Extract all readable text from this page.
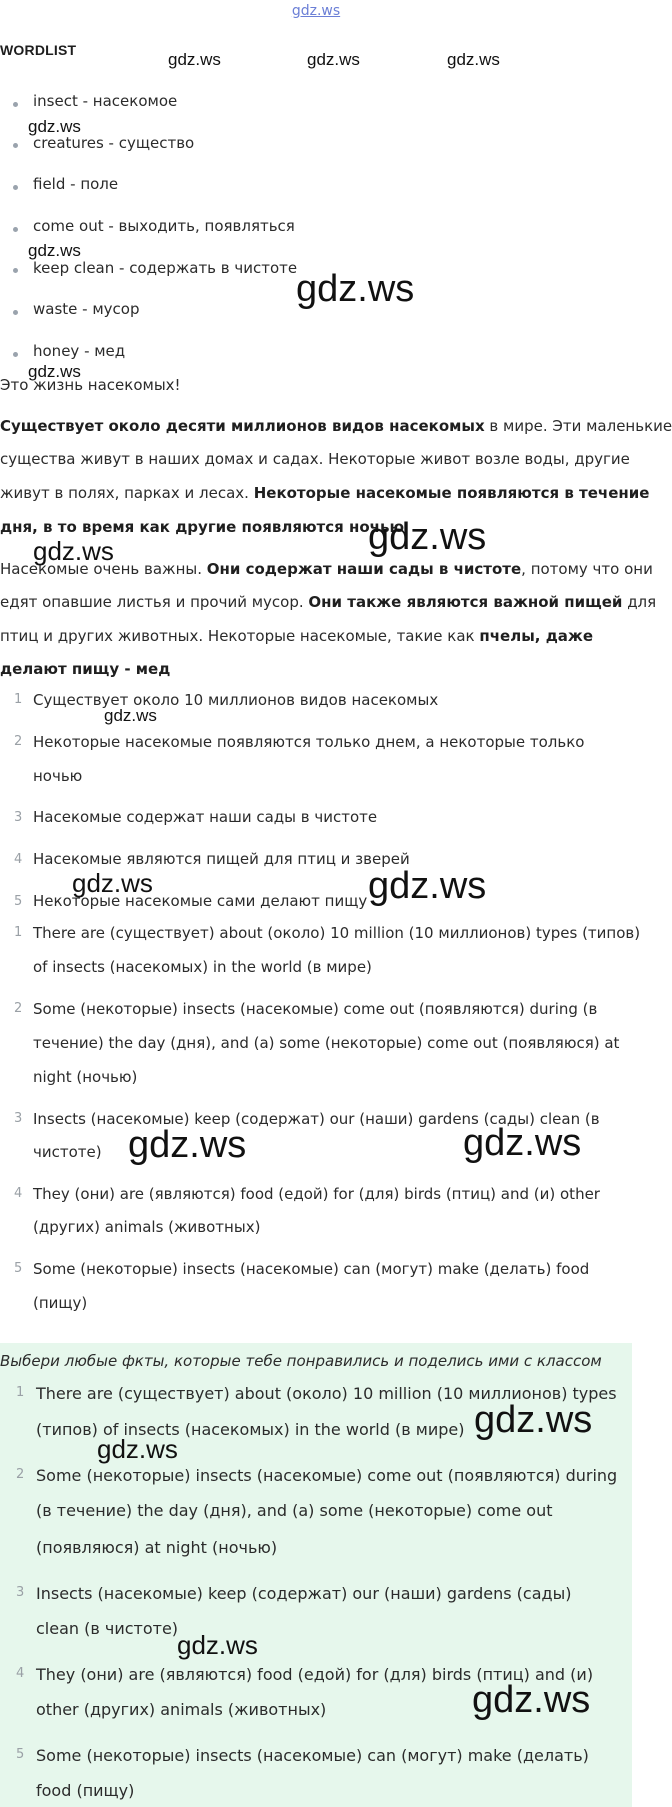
gdz.ws
WORDLIST
insect - насекомое
creatures - существо
field - поле
come out - выходить, появляться
keep clean - содержать в чистоте
waste - мусор
honey - мед
Это жизнь насекомых!
Существует около десяти миллионов видов насекомых в мире. Эти маленькие
существа живут в наших домах и садах. Некоторые живот возле воды, другие
живут в полях, парках и лесах. Некоторые насекомые появляются в течение
дня, в то время как другие появляются ночью
Насекомые очень важны. Они содержат наши сады в чистоте, потому что они
едят опавшие листья и прочий мусор. Они также являются важной пищей для
птиц и других животных. Некоторые насекомые, такие как пчелы, даже
делают пищу - мед
1 Существует около 10 миллионов видов насекомых
2 Некоторые насекомые появляются только днем, а некоторые только
ночью
3 Насекомые содержат наши сады в чистоте
4 Насекомые являются пищей для птиц и зверей
5 Некоторые насекомые сами делают пищу
1 There are (существует) about (около) 10 million (10 миллионов) types (типов)
of insects (насекомых) in the world (в мире)
2 Some (некоторые) insects (насекомые) come out (появляются) during (в
течение) the day (дня), and (а) some (некоторые) come out (появляюся) at
night (ночью)
3 Insects (насекомые) keep (содержат) our (наши) gardens (сады) clean (в
чистоте)
4 They (они) are (являются) food (едой) for (для) birds (птиц) and (и) other
(других) animals (животных)
5 Some (некоторые) insects (насекомые) can (могут) make (делать) food
(пищу)
Выбери любые фкты, которые тебе понравились и поделись ими с классом
1 There are (существует) about (около) 10 million (10 миллионов) types
(типов) of insects (насекомых) in the world (в мире)
2 Some (некоторые) insects (насекомые) come out (появляются) during
(в течение) the day (дня), and (а) some (некоторые) come out
(появляюся) at night (ночью)
3 Insects (насекомые) keep (содержат) our (наши) gardens (сады)
clean (в чистоте)
4 They (они) are (являются) food (едой) for (для) birds (птиц) and (и)
other (других) animals (животных)
5 Some (некоторые) insects (насекомые) can (могут) make (делать)
food (пищу)
gdz.ws	gdz.ws	gdz.ws
gdz.ws
gdz.ws
gdz.ws
gdz.ws
gdz.ws
gdz.ws
gdz.ws
gdz.ws	gdz.ws
gdz.ws	gdz.ws
gdz.ws
gdz.ws
gdz.ws
gdz.ws
